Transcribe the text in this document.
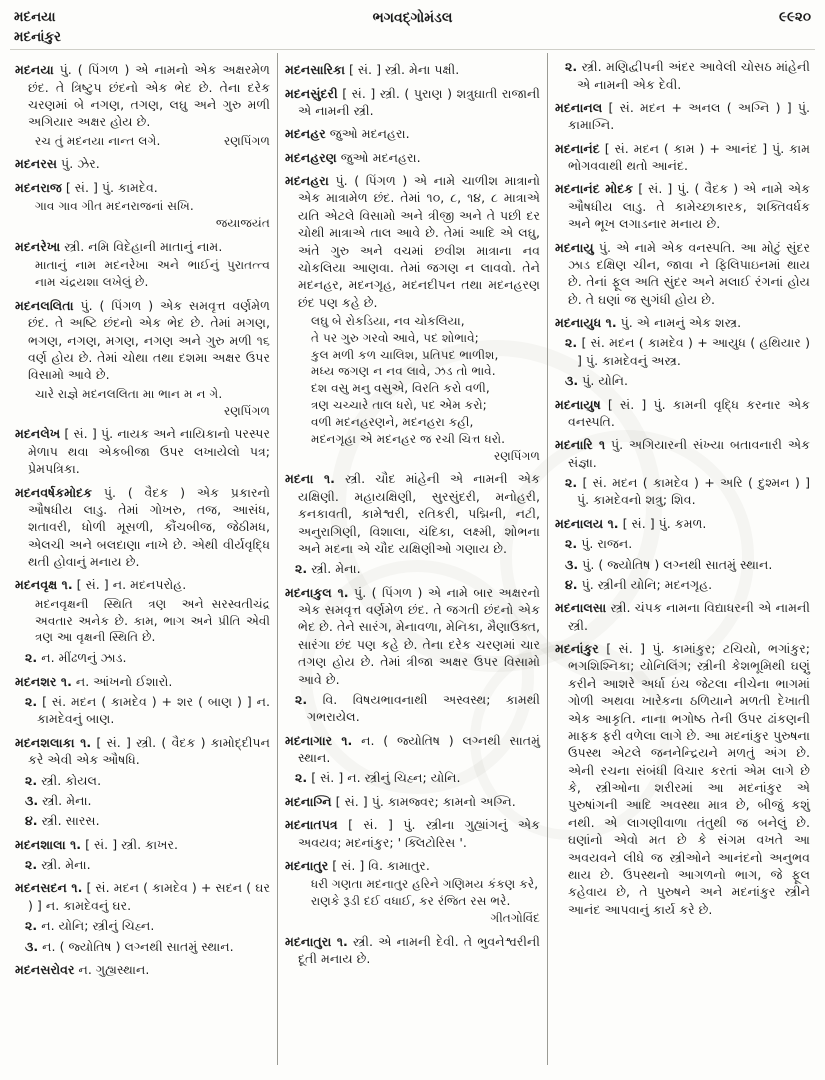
મદનયા
મદનાંકુર
ભગવદ્ગોમંડલ	૯૯૨૦

મદનયા પું. ( પિંગળ ) એ નામનો એક અક્ષરમેળ છંદ. તે ત્રિષ્ટુપ છંદનો એક ભેદ છે. તેના દરેક ચરણમાં બે નગણ, તગણ, લઘુ અને ગુરુ મળી અગિયાર અક્ષર હોય છે.

રણપિંગળ
રચ તું મદનયા નાન્ત લગે.

મદનરસ પું. ઝેર.

મદનરાજ [ સં. ] પું. કામદેવ.

ગાવ ગાવ ગીત મદનરાજનાં સખિ.

જયાજયંત

મદનરેખા સ્ત્રી. નમિ વિદેહાની માતાનું નામ.

પુરાતત્ત્વ
માતાનું નામ મદનરેખા અને ભાઈનું નામ ચંદ્રયશા લખેલું છે.

મદનલલિતા પું. ( પિંગળ ) એક સમવૃત્ત વર્ણમેળ છંદ. તે અષ્ટિ છંદનો એક ભેદ છે. તેમાં મગણ, ભગણ, નગણ, મગણ, નગણ અને ગુરુ મળી ૧૬ વર્ણ હોય છે. તેમાં ચોથા તથા દશમા અક્ષર ઉપર વિસામો આવે છે.

ચારે રાજ્ઞે મદનલલિતા મા ભાન મ ન ગે.

રણપિંગળ

મદનલેખ [ સં. ] પું. નાયક અને નાયિકાનો પરસ્પર મેળાપ થવા એકબીજા ઉપર લખાયેલો પત્ર; પ્રેમપત્રિકા.

મદનવર્ષકમોદક પું. ( વૈદક ) એક પ્રકારનો ઔષધીય લાડુ. તેમાં ગોખરુ, તજ, આસંધ, શતાવરી, ધોળી મૂસળી, કૌંચબીજ, જેઠીમધ, એલચી અને બલદાણા નાખે છે. એથી વીર્યવૃદ્ધિ થતી હોવાનું મનાય છે.

મદનવૃક્ષ ૧. [ સં. ] ન. મદનપરોહ.

સરસ્વતીચંદ્ર
મદનવૃક્ષની સ્થિતિ ત્રણ અને અવતાર અનેક છે. કામ, ભાગ અને પ્રીતિ એવી ત્રણ આ વૃક્ષની સ્થિતિ છે.

૨. ન. મીંઢળનું ઝાડ.

મદનશર ૧. ન. આંખનો ઈશારો.

૨. [ સં. મદન ( કામદેવ ) + શર ( બાણ ) ] ન. કામદેવનું બાણ.

મદનશલાકા ૧. [ સં. ] સ્ત્રી. ( વૈદક ) કામોદ્દીપન કરે એવી એક ઔષધિ.

૨. સ્ત્રી. કોયલ.

૩. સ્ત્રી. મેના.

૪. સ્ત્રી. સારસ.

મદનશાલા ૧. [ સં. ] સ્ત્રી. કાખર.

૨. સ્ત્રી. મેના.

મદનસદન ૧. [ સં. મદન ( કામદેવ ) + સદન ( ઘર ) ] ન. કામદેવનું ઘર.

૨. ન. યોનિ; સ્ત્રીનું ચિહ્ન.

૩. ન. ( જ્યોતિષ ) લગ્નથી સાતમું સ્થાન.

મદનસરોવર ન. ગુહ્યસ્થાન.

મદનસારિકા [ સં. ] સ્ત્રી. મેના પક્ષી.

મદનસુંદરી [ સં. ] સ્ત્રી. ( પુરાણ ) શત્રુઘાતી રાજાની એ નામની સ્ત્રી.

મદનહર જુઓ મદનહરા.

મદનહરણ જુઓ મદનહરા.

મદનહરા પું. ( પિંગળ ) એ નામે ચાળીશ માત્રાનો એક માત્રામેળ છંદ. તેમાં ૧૦, ૮, ૧૪, ૮ માત્રાએ યતિ એટલે વિસામો અને ત્રીજી અને તે પછી દર ચોથી માત્રાએ તાલ આવે છે. તેમાં આદિ એ લઘુ, અંતે ગુરુ અને વચમાં છવીશ માત્રાના નવ ચોકલિયા આણવા. તેમાં જગણ ન લાવવો. તેને મદનહર, મદનગૃહ, મદનદીપન તથા મદનહરણ છંદ પણ કહે છે.

લઘુ બે રોકડિયા, નવ ચોકલિયા,

તે પર ગુરુ ગરવો આવે, પદ શોભાવે;

કુલ મળી કળ ચાલિશ, પ્રતિપદ ભાળીશ,

મધ્ય જગણ ન નવ લાવે, ઝડ તો ભાવે.

દશ વસુ મનુ વસુએ, વિરતિ કરો વળી,

ત્રણ ચચ્ચારે તાલ ધરો, પદ એમ કરો;

વળી મદનહરણને, મદનહરા કહી,

મદનગૃહા એ મદનહર જ રચી ચિત્ત ધરો.

રણપિંગળ

મદના ૧. સ્ત્રી. ચૌદ માંહેની એ નામની એક યક્ષિણી. મહાયક્ષિણી, સુરસુંદરી, મનોહરી, કનકાવતી, કામેશ્વરી, રતિકરી, પદ્મિની, નટી, અનુરાગિણી, વિશાલા, ચંદિકા, લક્ષ્મી, શોભના અને મદના એ ચૌદ યક્ષિણીઓ ગણાય છે.

૨. સ્ત્રી. મેના.

મદનાકુલ ૧. પું. ( પિંગળ ) એ નામે બાર અક્ષરનો એક સમવૃત્ત વર્ણમેળ છંદ. તે જગતી છંદનો એક ભેદ છે. તેને સારંગ, મેનાવળા, મેનિકા, મૈણાઉક્ત, સારંગા છંદ પણ કહે છે. તેના દરેક ચરણમાં ચાર તગણ હોય છે. તેમાં ત્રીજા અક્ષર ઉપર વિસામો આવે છે.

૨. વિ. વિષયભાવનાથી અસ્વસ્થ; કામથી ગભરાયેલ.

મદનાગાર ૧. ન. ( જ્યોતિષ ) લગ્નથી સાતમું સ્થાન.

૨. [ સં. ] ન. સ્ત્રીનું ચિહ્ન; યોનિ.

મદનાગ્નિ [ સં. ] પું. કામજ્વર; કામનો અગ્નિ.

મદનાતપત્ર [ સં. ] પું. સ્ત્રીના ગુહ્યાંગનું એક અવયવ; મદનાંકુર; ' ક્લિટોરિસ '.

મદનાતુર [ સં. ] વિ. કામાતુર.

ધરી ગણતા મદનાતુર હરિને ગણિમય કંકણ કરે,

રાણકે રૂડી દઈ વધાઈ, કર રંજિત રસ ભરે.

ગીતગોવિંદ

મદનાતુરા ૧. સ્ત્રી. એ નામની દેવી. તે ભુવનેશ્વરીની દૂતી મનાય છે.

૨. સ્ત્રી. મણિદ્વીપની અંદર આવેલી ચોસઠ માંહેની એ નામની એક દેવી.

મદનાનલ [ સં. મદન + અનલ ( અગ્નિ ) ] પું. કામાગ્નિ.

મદનાનંદ [ સં. મદન ( કામ ) + આનંદ ] પું. કામ ભોગવવાથી થતો આનંદ.

મદનાનંદ મોદક [ સં. ] પું. ( વૈદક ) એ નામે એક ઔષધીય લાડુ. તે કામેચ્છાકારક, શક્તિવર્ધક અને ભૂખ લગાડનાર મનાય છે.

મદનાયુ પું. એ નામે એક વનસ્પતિ. આ મોટું સુંદર ઝાડ દક્ષિણ ચીન, જાવા ને ફિલિપાઇનમાં થાય છે. તેનાં ફૂલ અતિ સુંદર અને મલાઈ રંગનાં હોય છે. તે ઘણાં જ સુગંધી હોય છે.

મદનાયુધ ૧. પું. એ નામનું એક શસ્ત્ર.

૨. [ સં. મદન ( કામદેવ ) + આયુધ ( હથિયાર ) ] પું. કામદેવનું અસ્ત્ર.

૩. પું. યોનિ.

મદનાયુષ [ સં. ] પું. કામની વૃદ્ધિ કરનાર એક વનસ્પતિ.

મદનારિ ૧ પું. અગિયારની સંખ્યા બતાવનારી એક સંજ્ઞા.

૨. [ સં. મદન ( કામદેવ ) + અરિ ( દુશ્મન ) ] પું. કામદેવનો શત્રુ; શિવ.

મદનાલય ૧. [ સં. ] પું. કમળ.

૨. પું. રાજન.

૩. પું. ( જ્યોતિષ ) લગ્નથી સાતમું સ્થાન.

૪. પું. સ્ત્રીની યોનિ; મદનગૃહ.

મદનાલસા સ્ત્રી. ચંપક નામના વિદ્યાધરની એ નામની સ્ત્રી.

મદનાંકુર [ સં. ] પું. કામાંકુર; ટચિયો, ભગાંકુર; ભગશિશ્નિકા; યોનિલિંગ; સ્ત્રીની કેશભૂમિથી ઘણું કરીને આશરે અર્ધા ઇંચ જેટલા નીચેના ભાગમાં ગોળી અથવા ખારેકના ઠળિયાને મળતી દેખાતી એક આકૃતિ. નાના ભગોષ્ઠ તેની ઉપર ઢાંકણની માફક ફરી વળેલા લાગે છે. આ મદનાંકુર પુરુષના ઉપસ્થ એટલે જનનેન્દ્રિયને મળતું અંગ છે. એની રચના સંબંધી વિચાર કરતાં એમ લાગે છે કે, સ્ત્રીઓના શરીરમાં આ મદનાંકુર એ પુરુષાંગની આદિ અવસ્થા માત્ર છે, બીજું કશું નથી. એ લાગણીવાળા તંતુથી જ બનેલું છે. ઘણાંનો એવો મત છે કે સંગમ વખતે આ અવયવને લીધે જ સ્ત્રીઓને આનંદનો અનુભવ થાય છે. ઉપસ્થનો આગળનો ભાગ, જે ફૂલ કહેવાય છે, તે પુરુષને અને મદનાંકુર સ્ત્રીને આનંદ આપવાનું કાર્ય કરે છે.
